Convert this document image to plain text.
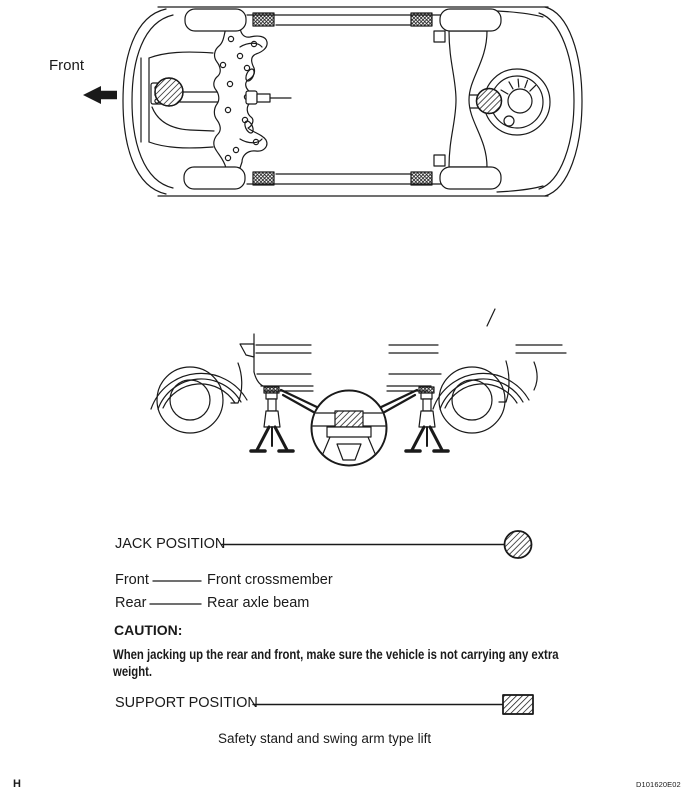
Front
JACK POSITION
Front	Front crossmember
Rear	Rear axle beam
CAUTION:
When jacking up the rear and front, make sure the vehicle is not carrying any extra
weight.
SUPPORT POSITION
Safety stand and swing arm type lift
H	D101620E02
